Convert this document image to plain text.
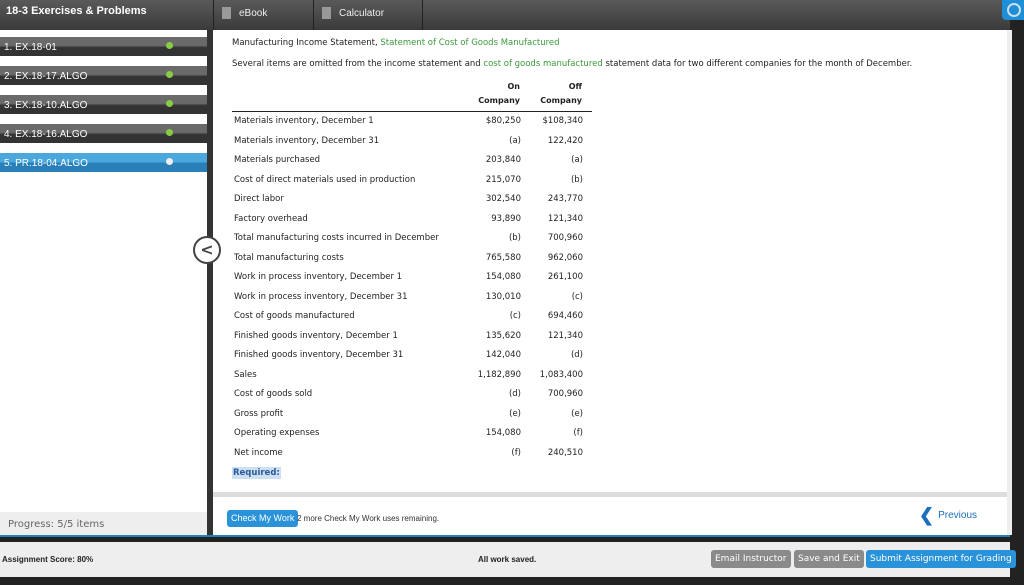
18-3 Exercises & Problems	eBook	Calculator
1. EX.18-01
2. EX.18-17.ALGO
3. EX.18-10.ALGO
4. EX.18-16.ALGO
5. PR.18-04.ALGO
Progress: 5/5 items
Manufacturing Income Statement, Statement of Cost of Goods Manufactured
Several items are omitted from the income statement and cost of goods manufactured statement data for two different companies for the month of December.
On
Company
Off
Company
Materials inventory, December 1	$80,250	$108,340
Materials inventory, December 31	(a)	122,420
Materials purchased	203,840	(a)
Cost of direct materials used in production	215,070	(b)
Direct labor	302,540	243,770
Factory overhead	93,890	121,340
Total manufacturing costs incurred in December	(b)	700,960
Total manufacturing costs	765,580	962,060
Work in process inventory, December 1	154,080	261,100
Work in process inventory, December 31	130,010	(c)
Cost of goods manufactured	(c)	694,460
Finished goods inventory, December 1	135,620	121,340
Finished goods inventory, December 31	142,040	(d)
Sales	1,182,890 1,083,400
Cost of goods sold	(d)	700,960
Gross profit	(e)	(e)
Operating expenses	154,080	(f)
Net income	(f)	240,510
Required:
<
Check My Work 2 more Check My Work uses remaining.	❮ Previous
Assignment Score: 80%	All work saved.	Email Instructor	Save and Exit	Submit Assignment for Grading
